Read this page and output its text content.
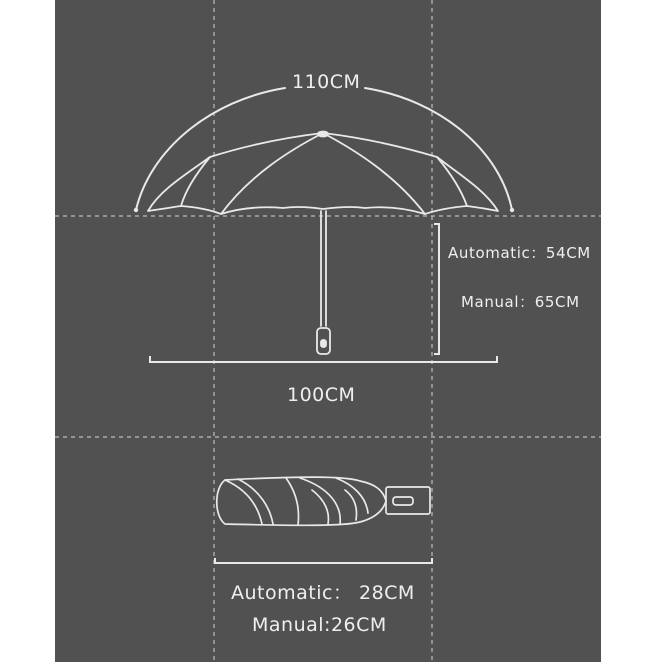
110CM
100CM
Automatic：54CM
Manual：65CM
Automatic： 28CM
Manual:26CM
